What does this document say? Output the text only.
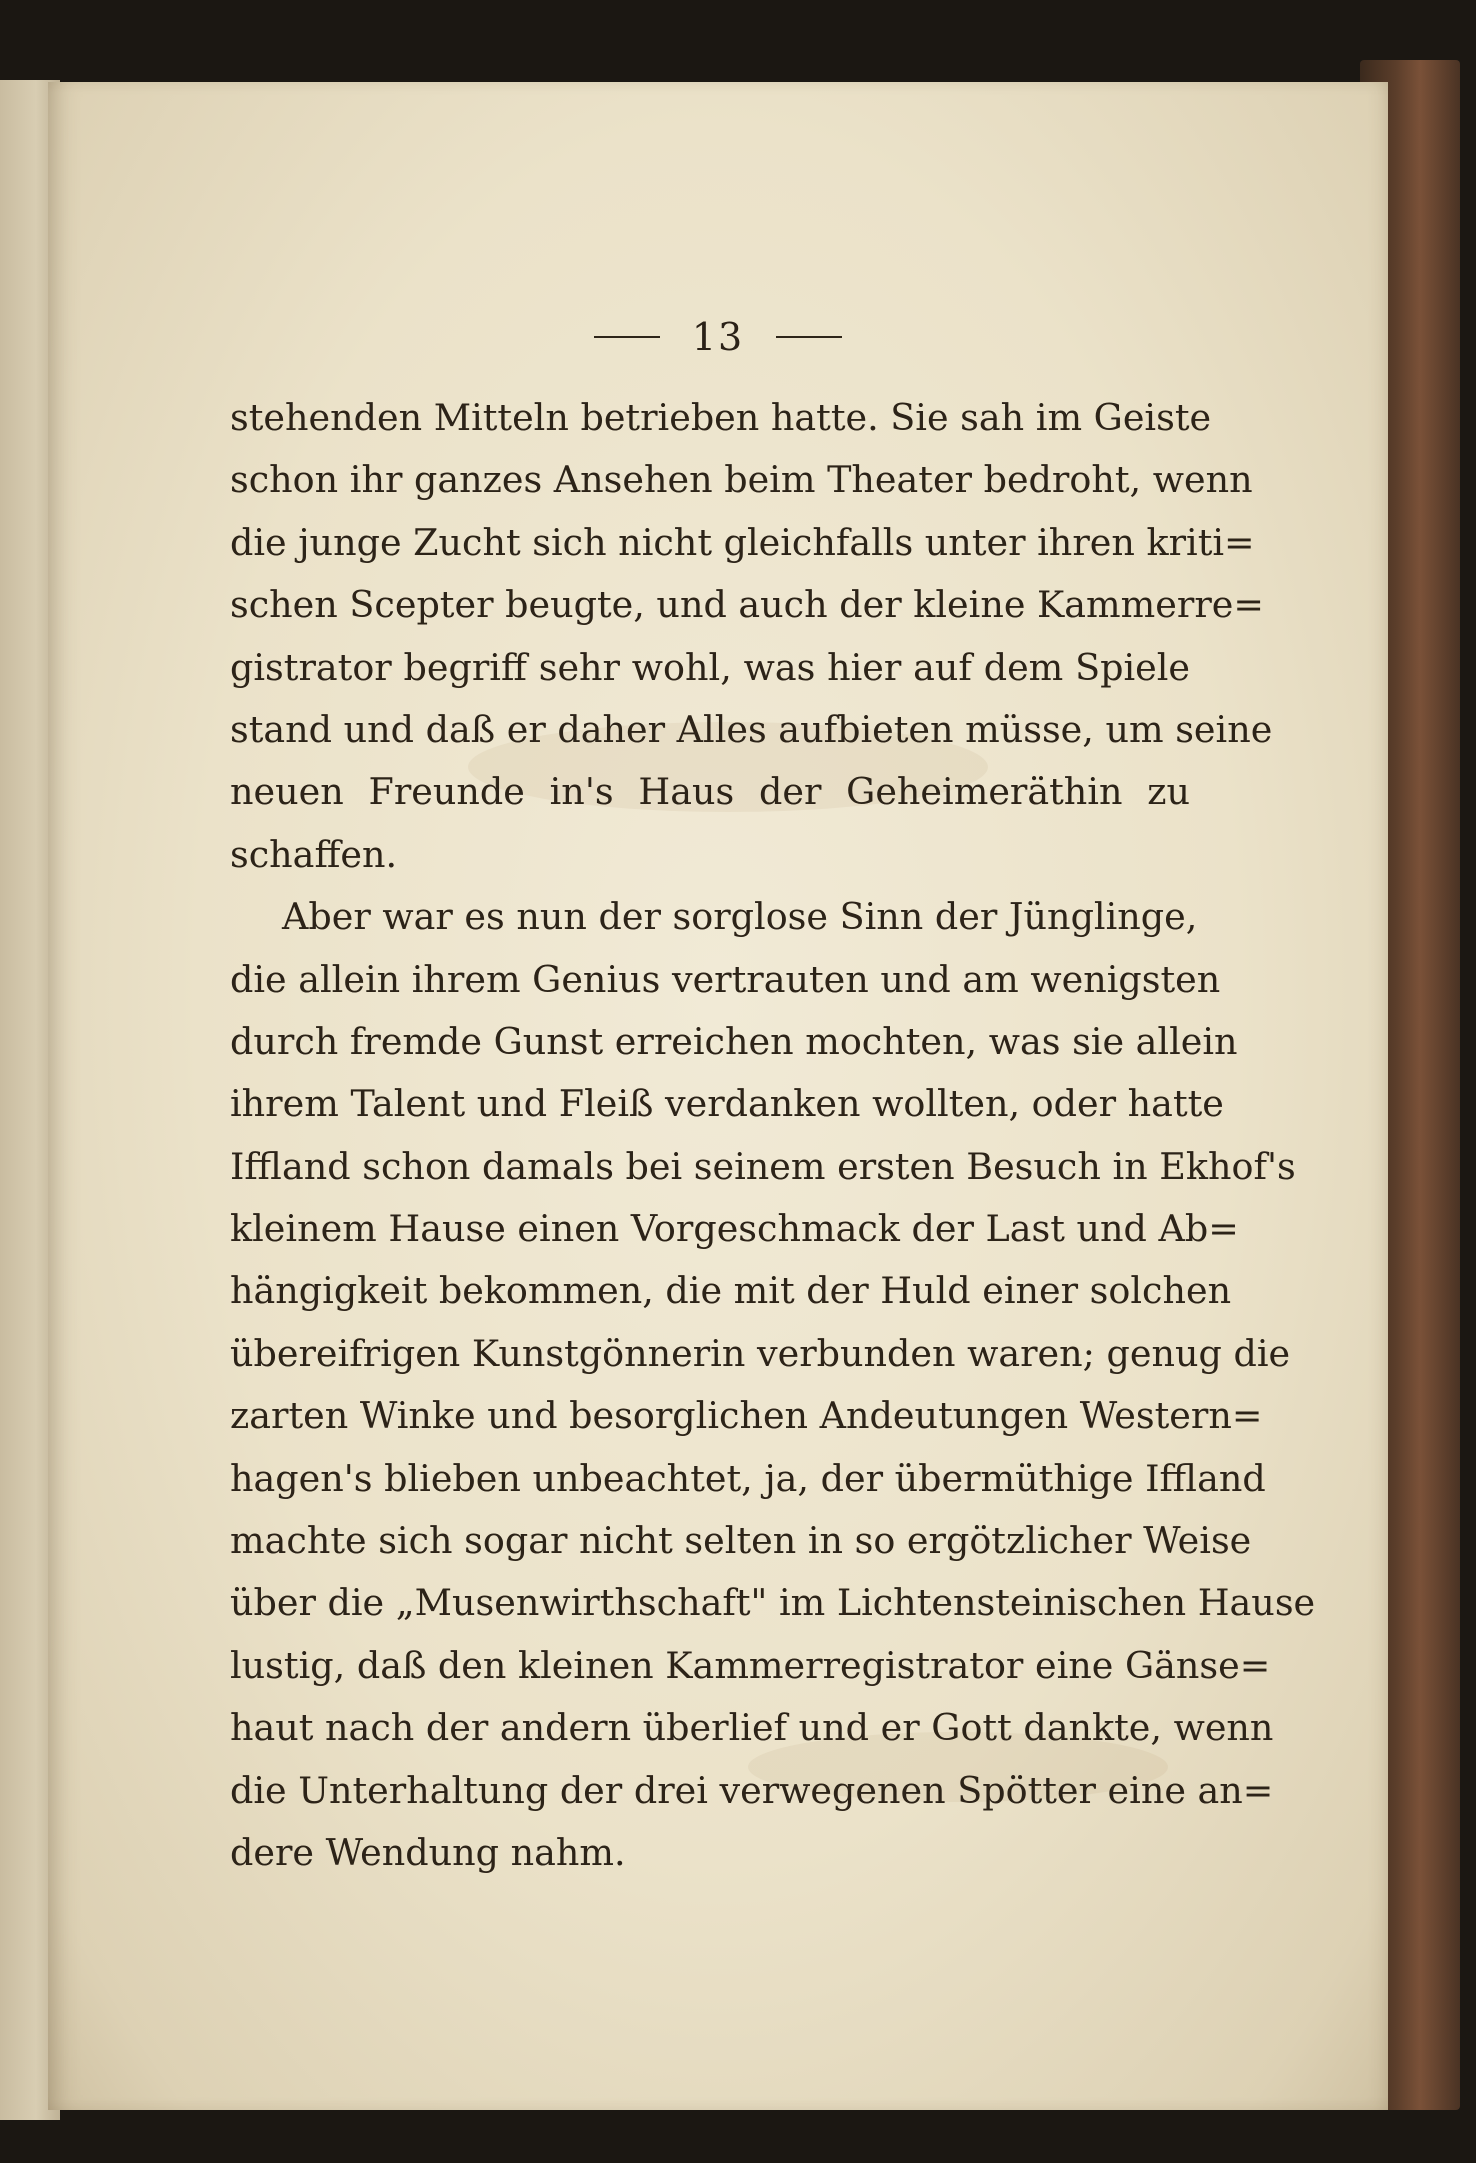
13
stehenden Mitteln betrieben hatte. Sie sah im Geiste
schon ihr ganzes Ansehen beim Theater bedroht, wenn
die junge Zucht sich nicht gleichfalls unter ihren kriti=
schen Scepter beugte, und auch der kleine Kammerre=
gistrator begriff sehr wohl, was hier auf dem Spiele
stand und daß er daher Alles aufbieten müsse, um seine
neuen Freunde in's Haus der Geheimeräthin zu
schaffen.
Aber war es nun der sorglose Sinn der Jünglinge,
die allein ihrem Genius vertrauten und am wenigsten
durch fremde Gunst erreichen mochten, was sie allein
ihrem Talent und Fleiß verdanken wollten, oder hatte
Iffland schon damals bei seinem ersten Besuch in Ekhof's
kleinem Hause einen Vorgeschmack der Last und Ab=
hängigkeit bekommen, die mit der Huld einer solchen
übereifrigen Kunstgönnerin verbunden waren; genug die
zarten Winke und besorglichen Andeutungen Western=
hagen's blieben unbeachtet, ja, der übermüthige Iffland
machte sich sogar nicht selten in so ergötzlicher Weise
über die „Musenwirthschaft" im Lichtensteinischen Hause
lustig, daß den kleinen Kammerregistrator eine Gänse=
haut nach der andern überlief und er Gott dankte, wenn
die Unterhaltung der drei verwegenen Spötter eine an=
dere Wendung nahm.
